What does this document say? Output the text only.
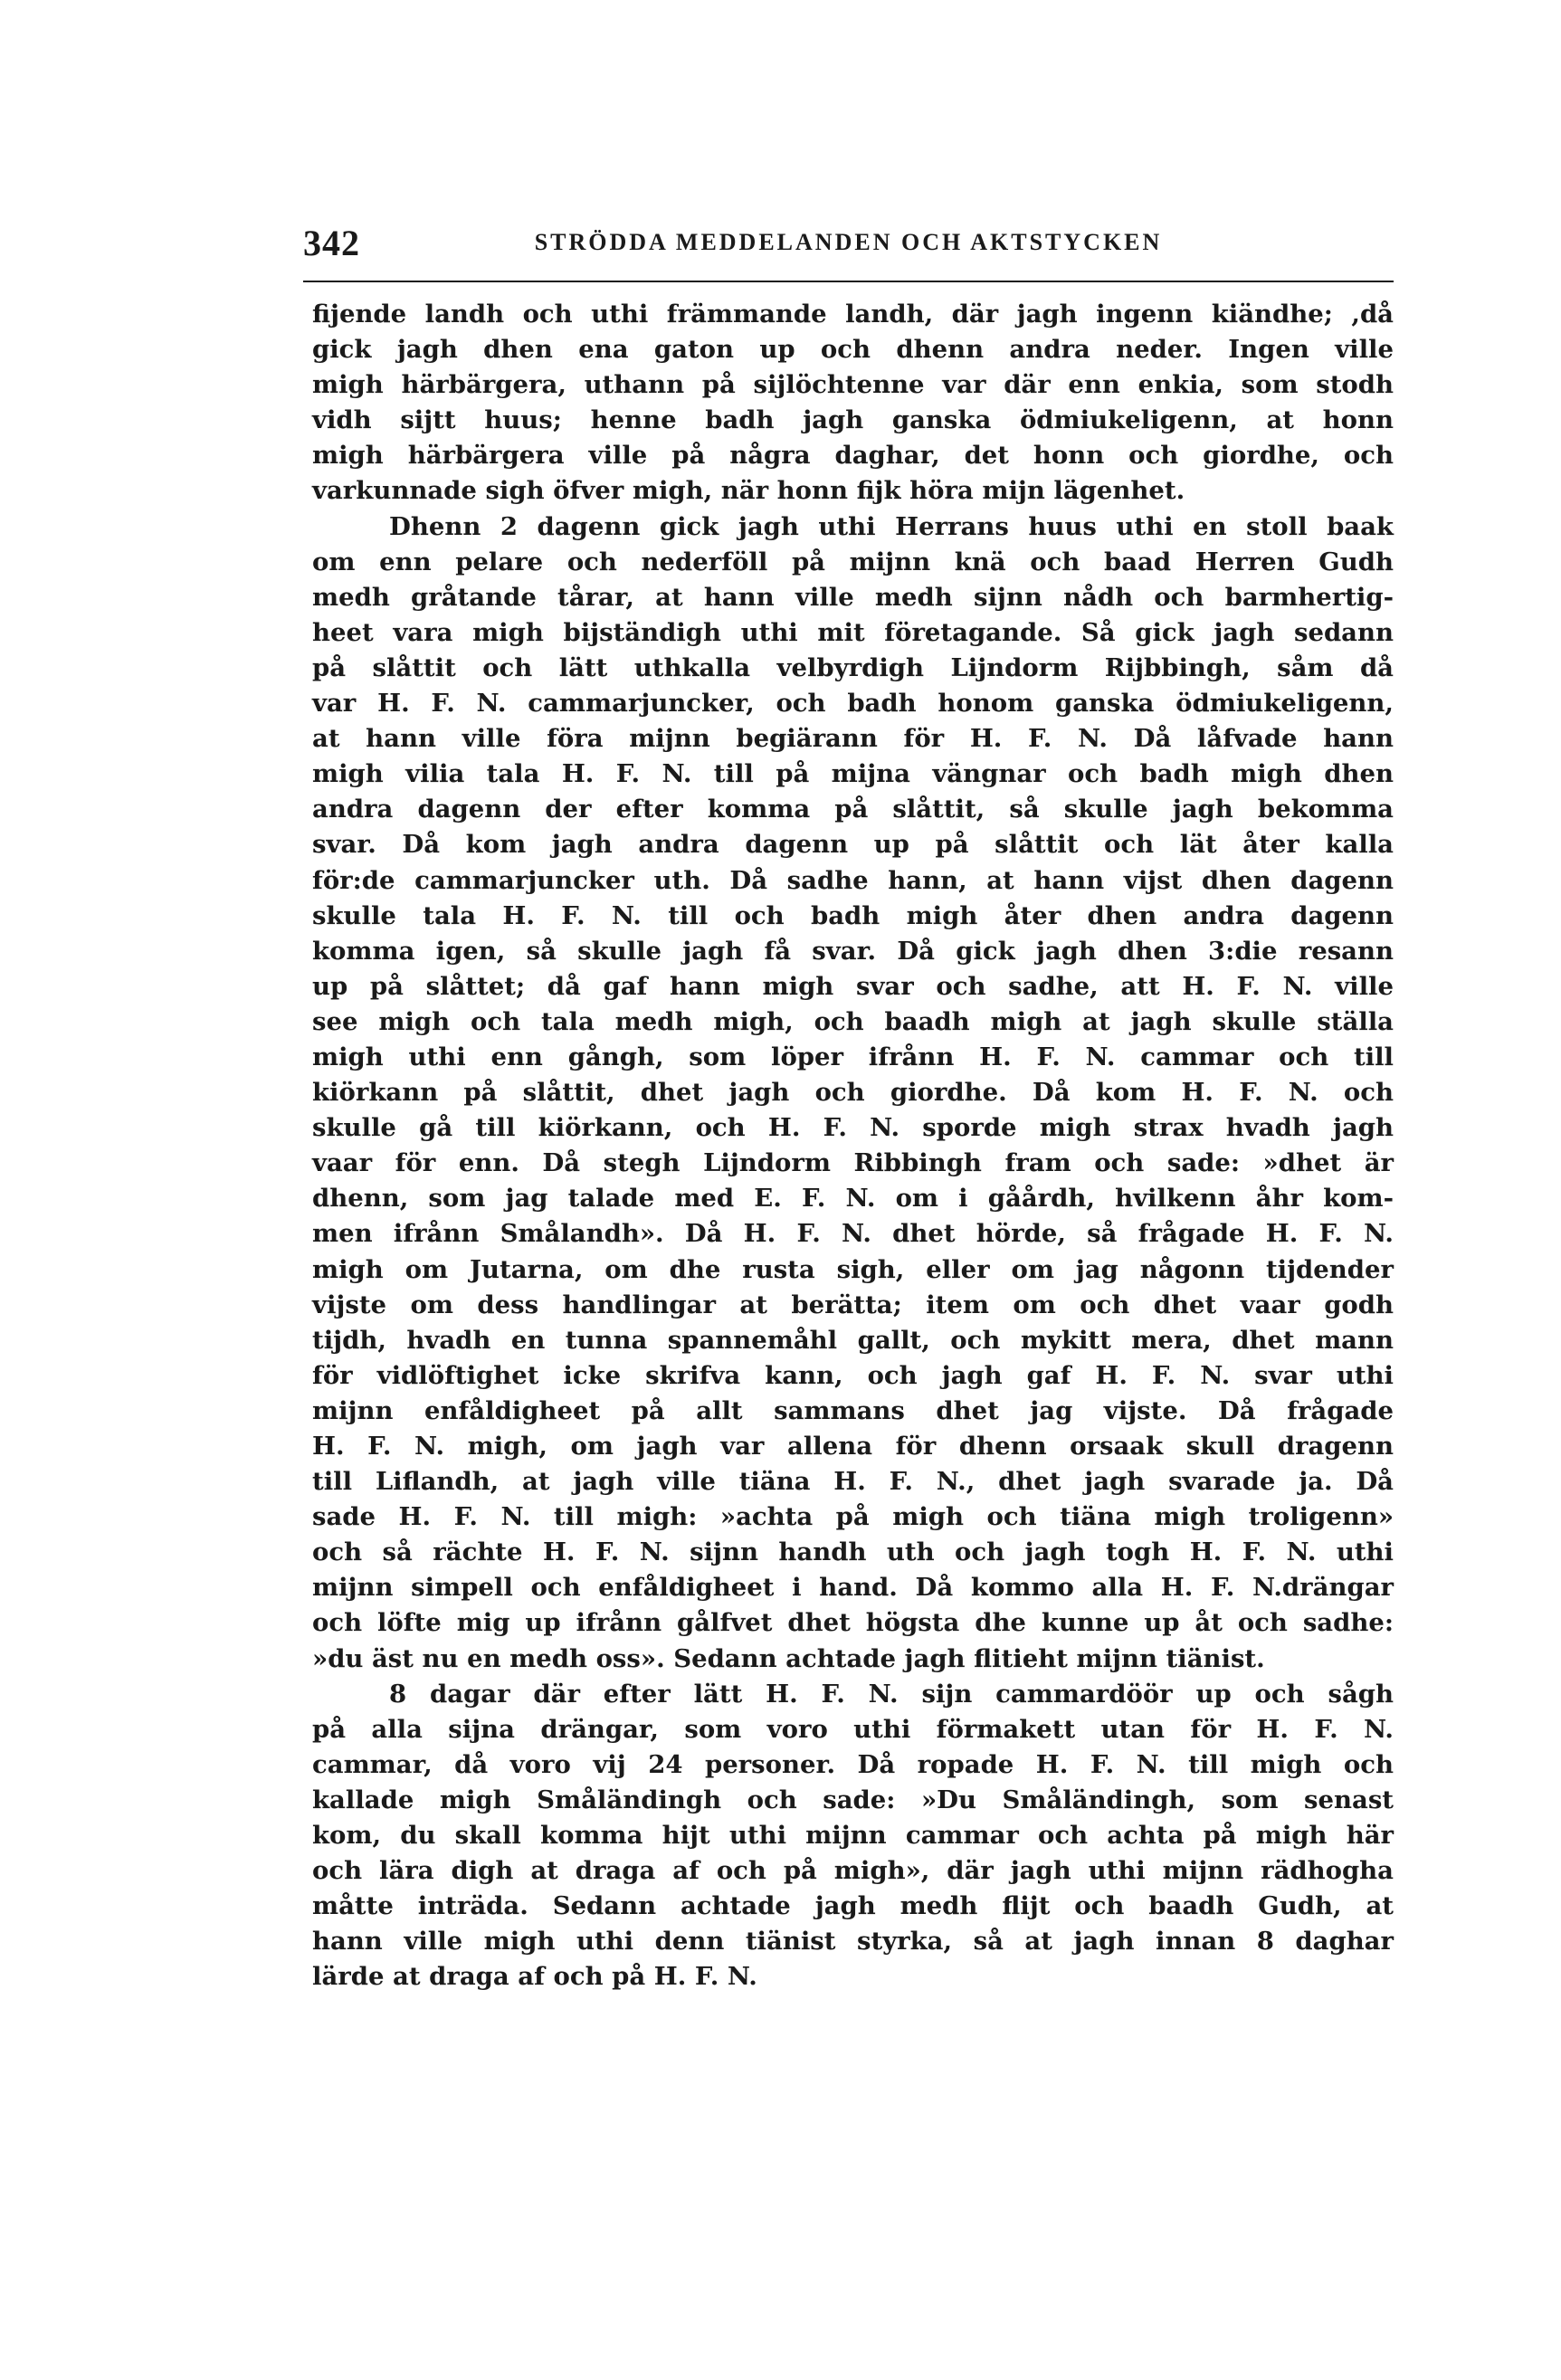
342	STRÖDDA MEDDELANDEN OCH AKTSTYCKEN
fijende landh och uthi främmande landh, där jagh ingenn kiändhe; ,då
gick jagh dhen ena gaton up och dhenn andra neder. Ingen ville
migh härbärgera, uthann på sijlöchtenne var där enn enkia, som stodh
vidh sijtt huus; henne badh jagh ganska ödmiukeligenn, at honn
migh härbärgera ville på några daghar, det honn och giordhe, och
varkunnade sigh öfver migh, när honn fijk höra mijn lägenhet.
Dhenn 2 dagenn gick jagh uthi Herrans huus uthi en stoll baak
om enn pelare och nederföll på mijnn knä och baad Herren Gudh
medh gråtande tårar, at hann ville medh sijnn nådh och barmhertig-
heet vara migh bijständigh uthi mit företagande. Så gick jagh sedann
på slåttit och lätt uthkalla velbyrdigh Lijndorm Rijbbingh, såm då
var H. F. N. cammarjuncker, och badh honom ganska ödmiukeligenn,
at hann ville föra mijnn begiärann för H. F. N. Då låfvade hann
migh vilia tala H. F. N. till på mijna vängnar och badh migh dhen
andra dagenn der efter komma på slåttit, så skulle jagh bekomma
svar. Då kom jagh andra dagenn up på slåttit och lät åter kalla
för:de cammarjuncker uth. Då sadhe hann, at hann vijst dhen dagenn
skulle tala H. F. N. till och badh migh åter dhen andra dagenn
komma igen, så skulle jagh få svar. Då gick jagh dhen 3:die resann
up på slåttet; då gaf hann migh svar och sadhe, att H. F. N. ville
see migh och tala medh migh, och baadh migh at jagh skulle ställa
migh uthi enn gångh, som löper ifrånn H. F. N. cammar och till
kiörkann på slåttit, dhet jagh och giordhe. Då kom H. F. N. och
skulle gå till kiörkann, och H. F. N. sporde migh strax hvadh jagh
vaar för enn. Då stegh Lijndorm Ribbingh fram och sade: »dhet är
dhenn, som jag talade med E. F. N. om i gåårdh, hvilkenn åhr kom-
men ifrånn Smålandh». Då H. F. N. dhet hörde, så frågade H. F. N.
migh om Jutarna, om dhe rusta sigh, eller om jag någonn tijdender
vijste om dess handlingar at berätta; item om och dhet vaar godh
tijdh, hvadh en tunna spannemåhl gallt, och mykitt mera, dhet mann
för vidlöftighet icke skrifva kann, och jagh gaf H. F. N. svar uthi
mijnn enfåldigheet på allt sammans dhet jag vijste. Då frågade
H. F. N. migh, om jagh var allena för dhenn orsaak skull dragenn
till Liflandh, at jagh ville tiäna H. F. N., dhet jagh svarade ja. Då
sade H. F. N. till migh: »achta på migh och tiäna migh troligenn»
och så rächte H. F. N. sijnn handh uth och jagh togh H. F. N. uthi
mijnn simpell och enfåldigheet i hand. Då kommo alla H. F. N.drängar
och löfte mig up ifrånn gålfvet dhet högsta dhe kunne up åt och sadhe:
»du äst nu en medh oss». Sedann achtade jagh flitieht mijnn tiänist.
8 dagar där efter lätt H. F. N. sijn cammardöör up och sågh
på alla sijna drängar, som voro uthi förmakett utan för H. F. N.
cammar, då voro vij 24 personer. Då ropade H. F. N. till migh och
kallade migh Småländingh och sade: »Du Småländingh, som senast
kom, du skall komma hijt uthi mijnn cammar och achta på migh här
och lära digh at draga af och på migh», där jagh uthi mijnn rädhogha
måtte inträda. Sedann achtade jagh medh flijt och baadh Gudh, at
hann ville migh uthi denn tiänist styrka, så at jagh innan 8 daghar
lärde at draga af och på H. F. N.
